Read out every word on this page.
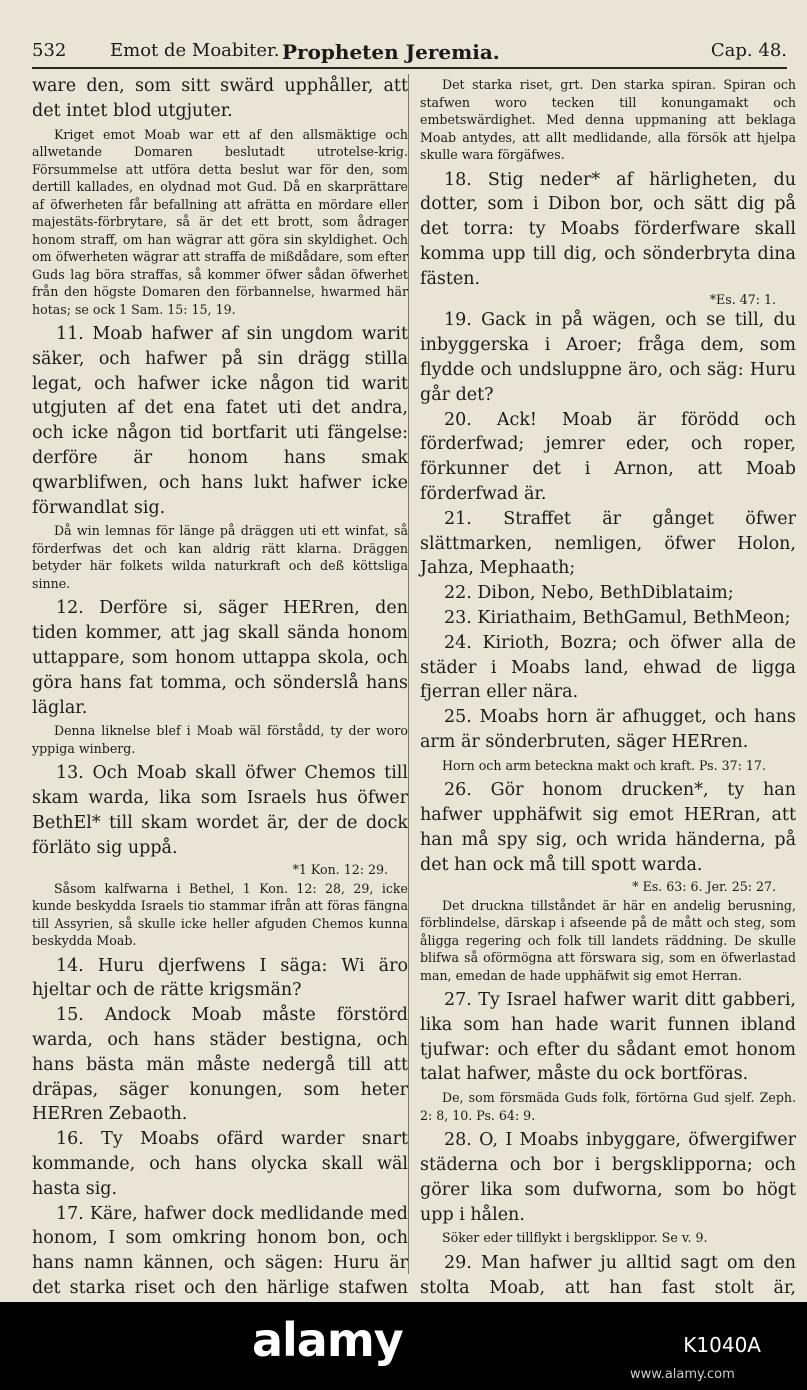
532 Emot de Moabiter. Propheten Jeremia.	Cap. 48.

ware den, som sitt swärd upphåller, att det intet blod utgjuter.

Kriget emot Moab war ett af den allsmäktige och allwetande Domaren beslutadt utrotelse-krig. Försummelse att utföra detta beslut war för den, som dertill kallades, en olydnad mot Gud. Då en skarprättare af öfwerheten får befallning att afrätta en mördare eller majestäts-förbrytare, så är det ett brott, som ådrager honom straff, om han wägrar att göra sin skyldighet. Och om öfwerheten wägrar att straffa de mißdådare, som efter Guds lag böra straffas, så kommer öfwer sådan öfwerhet från den högste Domaren den förbannelse, hwarmed här hotas; se ock 1 Sam. 15: 15, 19.

11. Moab hafwer af sin ungdom warit säker, och hafwer på sin drägg stilla legat, och hafwer icke någon tid warit utgjuten af det ena fatet uti det andra, och icke någon tid bortfarit uti fängelse: derföre är honom hans smak qwarblifwen, och hans lukt hafwer icke förwandlat sig.

Då win lemnas för länge på dräggen uti ett winfat, så förderfwas det och kan aldrig rätt klarna. Dräggen betyder här folkets wilda naturkraft och deß köttsliga sinne.

12. Derföre si, säger HERren, den tiden kommer, att jag skall sända honom uttappare, som honom uttappa skola, och göra hans fat tomma, och sönderslå hans läglar.

Denna liknelse blef i Moab wäl förstådd, ty der woro yppiga winberg.

13. Och Moab skall öfwer Chemos till skam warda, lika som Israels hus öfwer BethEl* till skam wordet är, der de dock förläto sig uppå.

*1 Kon. 12: 29.

Såsom kalfwarna i Bethel, 1 Kon. 12: 28, 29, icke kunde beskydda Israels tio stammar ifrån att föras fängna till Assyrien, så skulle icke heller afguden Chemos kunna beskydda Moab.

14. Huru djerfwens I säga: Wi äro hjeltar och de rätte krigsmän?

15. Andock Moab måste förstörd warda, och hans städer bestigna, och hans bästa män måste nedergå till att dräpas, säger konungen, som heter HERren Zebaoth.

16. Ty Moabs ofärd warder snart kommande, och hans olycka skall wäl hasta sig.

17. Käre, hafwer dock medlidande med honom, I som omkring honom bon, och hans namn kännen, och sägen: Huru är det starka riset och den härlige stafwen

Det starka riset, grt. Den starka spiran. Spiran och stafwen woro tecken till konungamakt och embetswärdighet. Med denna uppmaning att beklaga Moab antydes, att allt medlidande, alla försök att hjelpa skulle wara förgäfwes.

18. Stig neder* af härligheten, du dotter, som i Dibon bor, och sätt dig på det torra: ty Moabs förderfware skall komma upp till dig, och sönderbryta dina fästen.

*Es. 47: 1.

19. Gack in på wägen, och se till, du inbyggerska i Aroer; fråga dem, som flydde och undsluppne äro, och säg: Huru går det?

20. Ack! Moab är förödd och förderfwad; jemrer eder, och roper, förkunner det i Arnon, att Moab förderfwad är.

21. Straffet är gånget öfwer slättmarken, nemligen, öfwer Holon, Jahza, Mephaath;

22. Dibon, Nebo, BethDiblataim;

23. Kiriathaim, BethGamul, BethMeon;

24. Kirioth, Bozra; och öfwer alla de städer i Moabs land, ehwad de ligga fjerran eller nära.

25. Moabs horn är afhugget, och hans arm är sönderbruten, säger HERren.

Horn och arm beteckna makt och kraft. Ps. 37: 17.

26. Gör honom drucken*, ty han hafwer upphäfwit sig emot HERran, att han må spy sig, och wrida händerna, på det han ock må till spott warda.

* Es. 63: 6. Jer. 25: 27.

Det druckna tillståndet är här en andelig berusning, förblindelse, därskap i afseende på de mått och steg, som åligga regering och folk till landets räddning. De skulle blifwa så oförmögna att förswara sig, som en öfwerlastad man, emedan de hade upphäfwit sig emot Herran.

27. Ty Israel hafwer warit ditt gabberi, lika som han hade warit funnen ibland tjufwar: och efter du sådant emot honom talat hafwer, måste du ock bortföras.

De, som försmäda Guds folk, förtörna Gud sjelf. Zeph. 2: 8, 10. Ps. 64: 9.

28. O, I Moabs inbyggare, öfwergifwer städerna och bor i bergsklipporna; och görer lika som dufworna, som bo högt upp i hålen.

Söker eder tillflykt i bergsklippor. Se v. 9.

29. Man hafwer ju alltid sagt om den stolta Moab, att han fast stolt är,

alamy	K1040A
www.alamy.com
